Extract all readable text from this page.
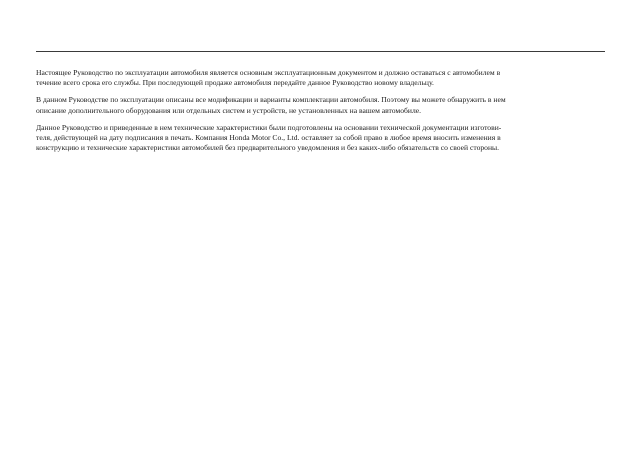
Настоящее Руководство по эксплуатации автомобиля является основным эксплуатационным документом и должно оставаться с автомобилем в
течение всего срока его службы. При последующей продаже автомобиля передайте данное Руководство новому владельцу.

В данном Руководстве по эксплуатации описаны все модификации и варианты комплектации автомобиля. Поэтому вы можете обнаружить в нем
описание дополнительного оборудования или отдельных систем и устройств, не установленных на вашем автомобиле.

Данное Руководство и приведенные в нем технические характеристики были подготовлены на основании технической документации изготови-
теля, действующей на дату подписания в печать. Компания Honda Motor Co., Ltd. оставляет за собой право в любое время вносить изменения в
конструкцию и технические характеристики автомобилей без предварительного уведомления и без каких-либо обязательств со своей стороны.
